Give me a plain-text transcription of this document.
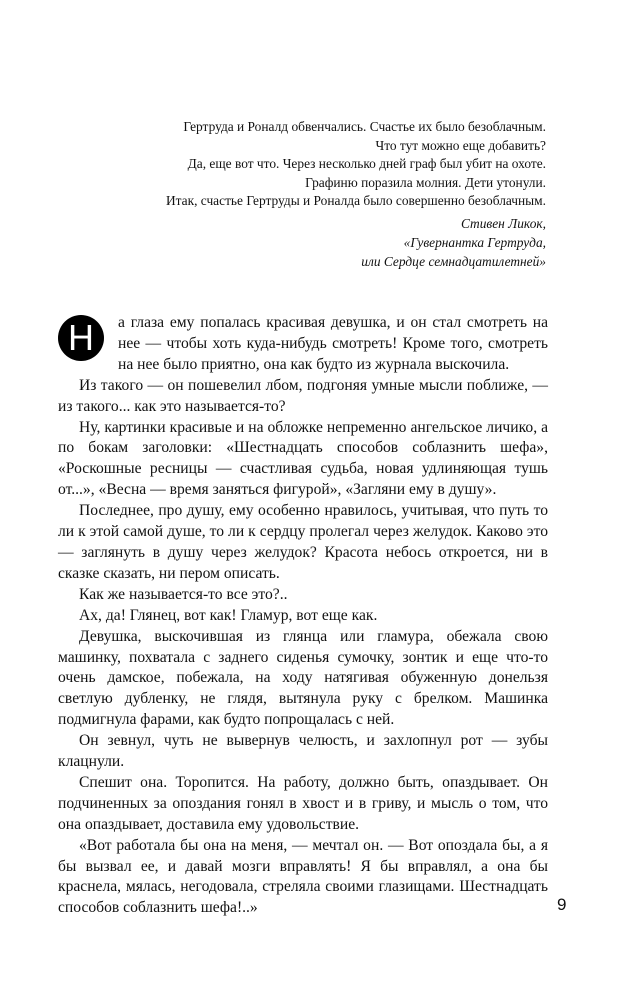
Гертруда и Роналд обвенчались. Счастье их было безоблачным.
Что тут можно еще добавить?
Да, еще вот что. Через несколько дней граф был убит на охоте.
Графиню поразила молния. Дети утонули.
Итак, счастье Гертруды и Роналда было совершенно безоблачным.
Стивен Ликок,
«Гувернантка Гертруда,
или Сердце семнадцатилетней»

Н	а глаза ему попалась красивая девушка, и он стал смотреть на нее — чтобы хоть куда-нибудь смотреть! Кроме того, смотреть на нее было приятно, она как будто из журнала выскочила.

Из такого — он пошевелил лбом, подгоняя умные мысли поближе, — из такого... как это называется-то?

Ну, картинки красивые и на обложке непременно ангельское личико, а по бокам заголовки: «Шестнадцать способов соблазнить шефа», «Роскошные ресницы — счастливая судьба, новая удлиняющая тушь от...», «Весна — время заняться фигурой», «Загляни ему в душу».

Последнее, про душу, ему особенно нравилось, учитывая, что путь то ли к этой самой душе, то ли к сердцу пролегал через желудок. Каково это — заглянуть в душу через желудок? Красота небось откроется, ни в сказке сказать, ни пером описать.

Как же называется-то все это?..

Ах, да! Глянец, вот как! Гламур, вот еще как.

Девушка, выскочившая из глянца или гламура, обежала свою машинку, похватала с заднего сиденья сумочку, зонтик и еще что-то очень дамское, побежала, на ходу натягивая обуженную донельзя светлую дубленку, не глядя, вытянула руку с брелком. Машинка подмигнула фарами, как будто попрощалась с ней.

Он зевнул, чуть не вывернув челюсть, и захлопнул рот — зубы клацнули.

Спешит она. Торопится. На работу, должно быть, опаздывает. Он подчиненных за опоздания гонял в хвост и в гриву, и мысль о том, что она опаздывает, доставила ему удовольствие.

«Вот работала бы она на меня, — мечтал он. — Вот опоздала бы, а я бы вызвал ее, и давай мозги вправлять! Я бы вправлял, а она бы краснела, мялась, негодовала, стреляла своими глазищами. Шестнадцать способов соблазнить шефа!..»	9
